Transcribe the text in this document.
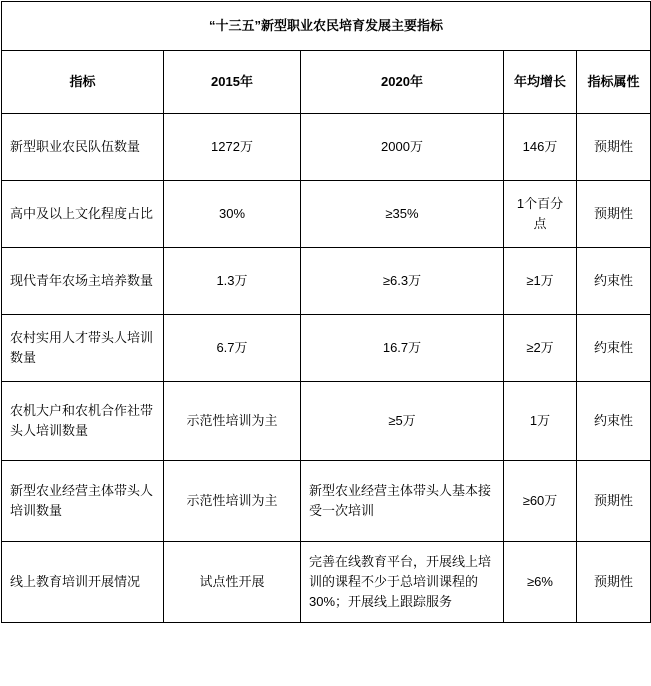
“十三五”新型职业农民培育发展主要指标				
指标	2015年	2020年	年均增长	指标属性
新型职业农民队伍数量	1272万	2000万	146万	预期性
高中及以上文化程度占比	30%	≥35%	1个百分点	预期性
现代青年农场主培养数量	1.3万	≥6.3万	≥1万	约束性
农村实用人才带头人培训数量	6.7万	16.7万	≥2万	约束性
农机大户和农机合作社带头人培训数量	示范性培训为主	≥5万	1万	约束性
新型农业经营主体带头人培训数量	示范性培训为主	新型农业经营主体带头人基本接受一次培训	≥60万	预期性
线上教育培训开展情况	试点性开展	完善在线教育平台，开展线上培训的课程不少于总培训课程的30%；开展线上跟踪服务	≥6%	预期性
